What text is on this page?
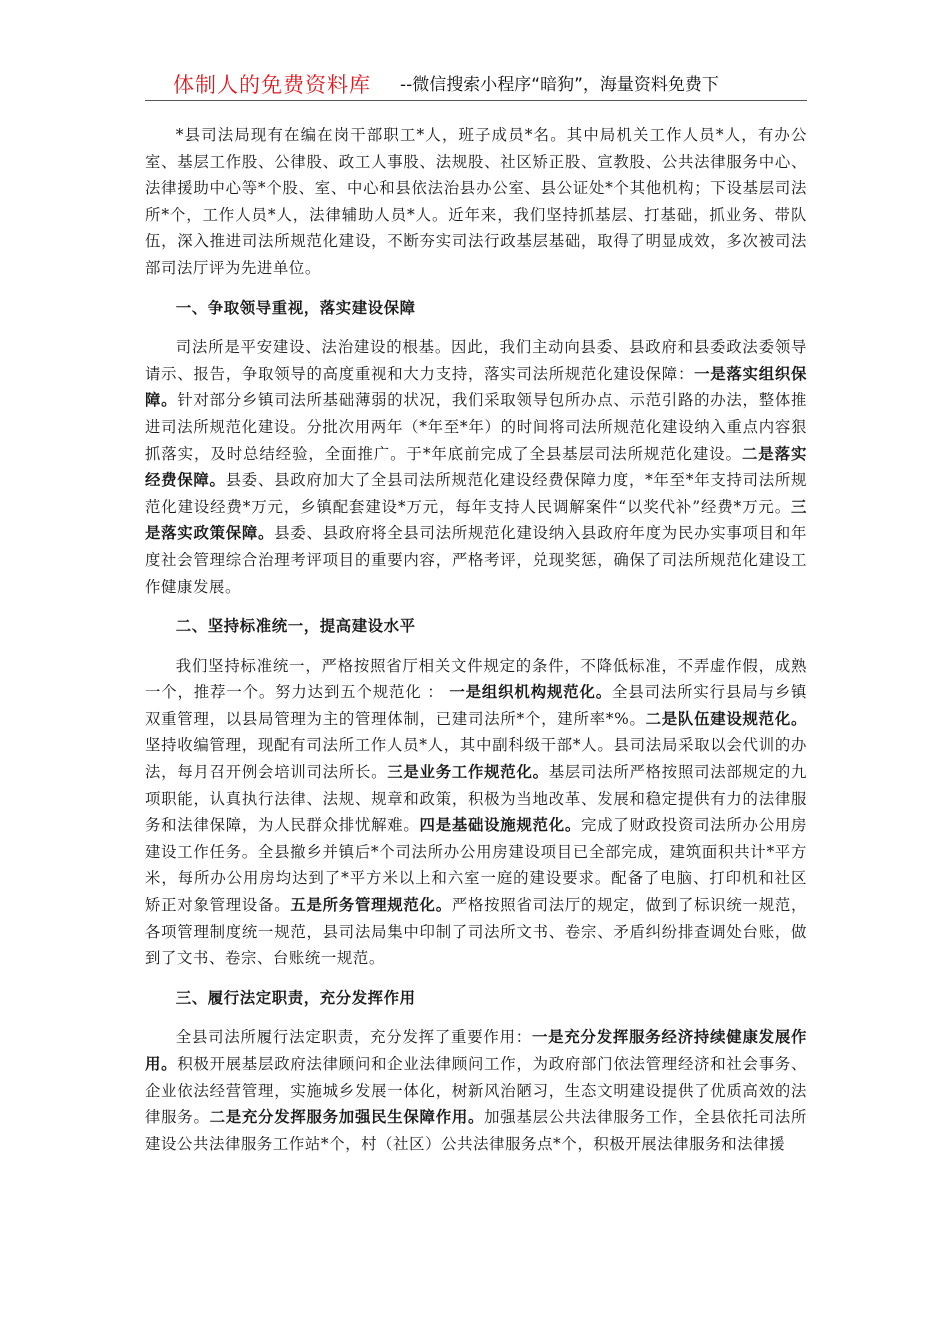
体制人的免费资料库 --微信搜索小程序“暗狗”，海量资料免费下

*县司法局现有在编在岗干部职工*人，班子成员*名。其中局机关工作人员*人，有办公室、基层工作股、公律股、政工人事股、法规股、社区矫正股、宣教股、公共法律服务中心、法律援助中心等*个股、室、中心和县依法治县办公室、县公证处*个其他机构；下设基层司法所*个，工作人员*人，法律辅助人员*人。近年来，我们坚持抓基层、打基础，抓业务、带队伍，深入推进司法所规范化建设，不断夯实司法行政基层基础，取得了明显成效，多次被司法部司法厅评为先进单位。

一、争取领导重视，落实建设保障

司法所是平安建设、法治建设的根基。因此，我们主动向县委、县政府和县委政法委领导请示、报告，争取领导的高度重视和大力支持，落实司法所规范化建设保障：一是落实组织保障。针对部分乡镇司法所基础薄弱的状况，我们采取领导包所办点、示范引路的办法，整体推进司法所规范化建设。分批次用两年（*年至*年）的时间将司法所规范化建设纳入重点内容狠抓落实，及时总结经验，全面推广。于*年底前完成了全县基层司法所规范化建设。二是落实经费保障。县委、县政府加大了全县司法所规范化建设经费保障力度，*年至*年支持司法所规范化建设经费*万元，乡镇配套建设*万元，每年支持人民调解案件“以奖代补”经费*万元。三是落实政策保障。县委、县政府将全县司法所规范化建设纳入县政府年度为民办实事项目和年度社会管理综合治理考评项目的重要内容，严格考评，兑现奖惩，确保了司法所规范化建设工作健康发展。

二、坚持标准统一，提高建设水平

我们坚持标准统一，严格按照省厅相关文件规定的条件，不降低标准，不弄虚作假，成熟一个，推荐一个。努力达到五个规范化 ： 一是组织机构规范化。全县司法所实行县局与乡镇双重管理，以县局管理为主的管理体制，已建司法所*个，建所率*%。二是队伍建设规范化。坚持收编管理，现配有司法所工作人员*人，其中副科级干部*人。县司法局采取以会代训的办法，每月召开例会培训司法所长。三是业务工作规范化。基层司法所严格按照司法部规定的九项职能，认真执行法律、法规、规章和政策，积极为当地改革、发展和稳定提供有力的法律服务和法律保障，为人民群众排忧解难。四是基础设施规范化。完成了财政投资司法所办公用房建设工作任务。全县撤乡并镇后*个司法所办公用房建设项目已全部完成，建筑面积共计*平方米，每所办公用房均达到了*平方米以上和六室一庭的建设要求。配备了电脑、打印机和社区矫正对象管理设备。五是所务管理规范化。严格按照省司法厅的规定，做到了标识统一规范，各项管理制度统一规范，县司法局集中印制了司法所文书、卷宗、矛盾纠纷排查调处台账，做到了文书、卷宗、台账统一规范。

三、履行法定职责，充分发挥作用

全县司法所履行法定职责，充分发挥了重要作用：一是充分发挥服务经济持续健康发展作用。积极开展基层政府法律顾问和企业法律顾问工作，为政府部门依法管理经济和社会事务、企业依法经营管理，实施城乡发展一体化，树新风治陋习，生态文明建设提供了优质高效的法律服务。二是充分发挥服务加强民生保障作用。加强基层公共法律服务工作，全县依托司法所建设公共法律服务工作站*个，村（社区）公共法律服务点*个，积极开展法律服务和法律援
